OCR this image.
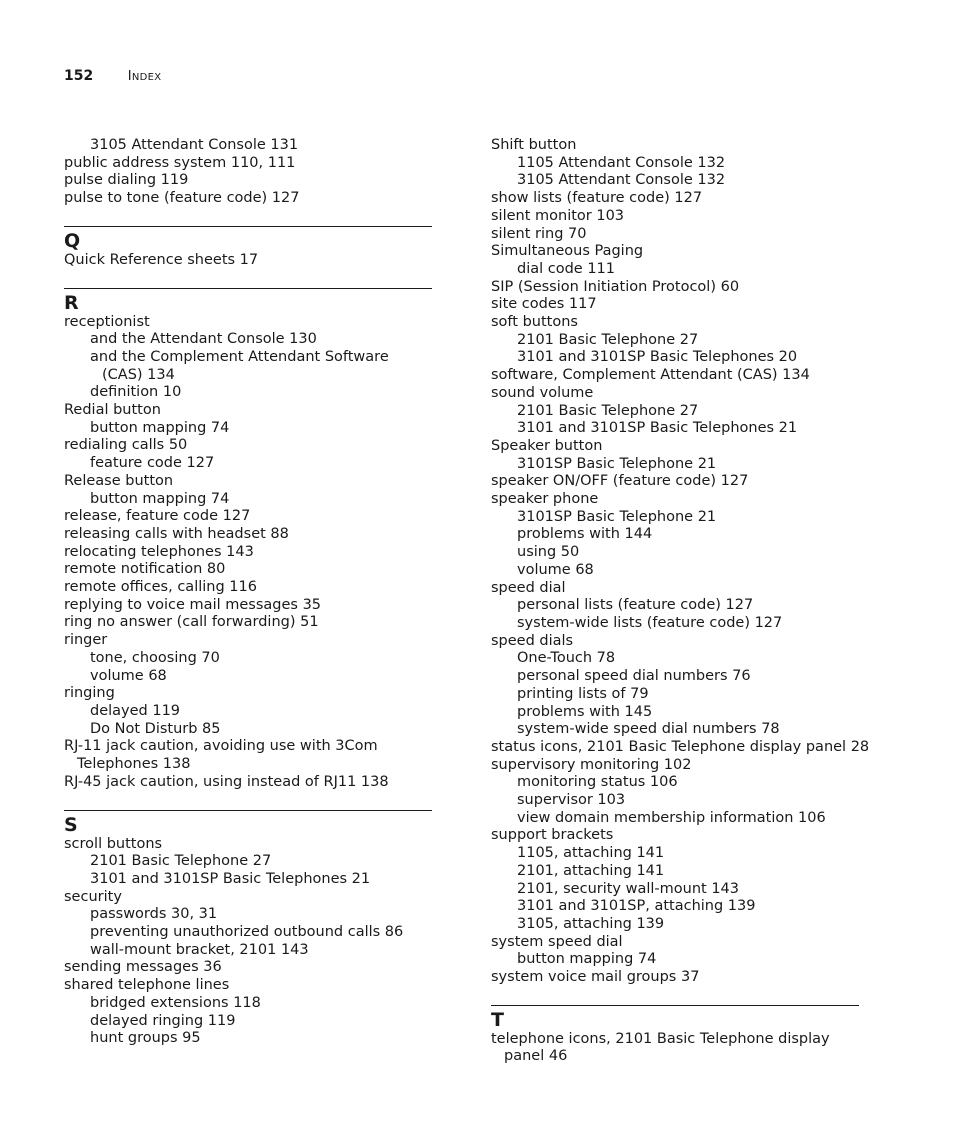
152	INDEX
3105 Attendant Console 131
public address system 110, 111
pulse dialing 119
pulse to tone (feature code) 127
Q
Quick Reference sheets 17
R
receptionist
and the Attendant Console 130
and the Complement Attendant Software
(CAS) 134
definition 10
Redial button
button mapping 74
redialing calls 50
feature code 127
Release button
button mapping 74
release, feature code 127
releasing calls with headset 88
relocating telephones 143
remote notification 80
remote offices, calling 116
replying to voice mail messages 35
ring no answer (call forwarding) 51
ringer
tone, choosing 70
volume 68
ringing
delayed 119
Do Not Disturb 85
RJ-11 jack caution, avoiding use with 3Com
Telephones 138
RJ-45 jack caution, using instead of RJ11 138
S
scroll buttons
2101 Basic Telephone 27
3101 and 3101SP Basic Telephones 21
security
passwords 30, 31
preventing unauthorized outbound calls 86
wall-mount bracket, 2101 143
sending messages 36
shared telephone lines
bridged extensions 118
delayed ringing 119
hunt groups 95
Shift button
1105 Attendant Console 132
3105 Attendant Console 132
show lists (feature code) 127
silent monitor 103
silent ring 70
Simultaneous Paging
dial code 111
SIP (Session Initiation Protocol) 60
site codes 117
soft buttons
2101 Basic Telephone 27
3101 and 3101SP Basic Telephones 20
software, Complement Attendant (CAS) 134
sound volume
2101 Basic Telephone 27
3101 and 3101SP Basic Telephones 21
Speaker button
3101SP Basic Telephone 21
speaker ON/OFF (feature code) 127
speaker phone
3101SP Basic Telephone 21
problems with 144
using 50
volume 68
speed dial
personal lists (feature code) 127
system-wide lists (feature code) 127
speed dials
One-Touch 78
personal speed dial numbers 76
printing lists of 79
problems with 145
system-wide speed dial numbers 78
status icons, 2101 Basic Telephone display panel 28
supervisory monitoring 102
monitoring status 106
supervisor 103
view domain membership information 106
support brackets
1105, attaching 141
2101, attaching 141
2101, security wall-mount 143
3101 and 3101SP, attaching 139
3105, attaching 139
system speed dial
button mapping 74
system voice mail groups 37
T
telephone icons, 2101 Basic Telephone display
panel 46
